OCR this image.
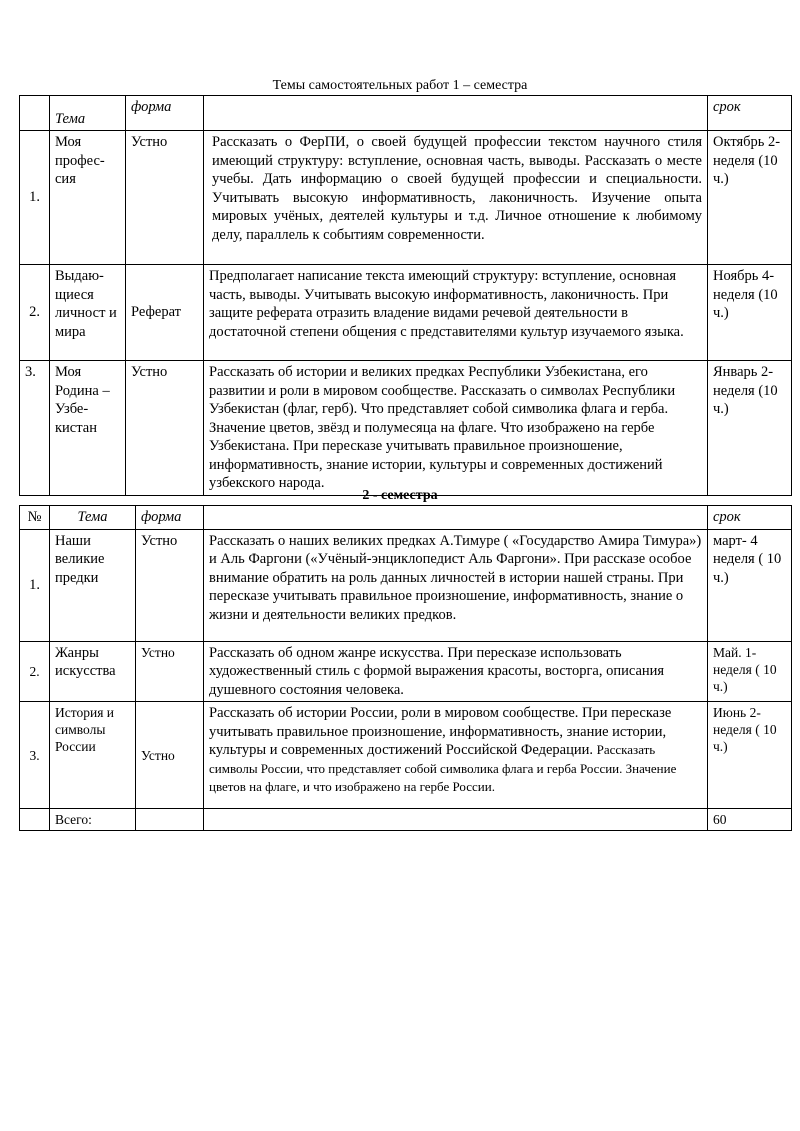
Темы самостоятельных работ 1 – семестра
	Тема	форма		срок
1.	Моя профес-сия	Устно	Рассказать о ФерПИ, о своей будущей профессии текстом научного стиля имеющий структуру: вступление, основная часть, выводы. Рассказать о месте учебы. Дать информацию о своей будущей профессии и специальности. Учитывать высокую информативность, лаконичность. Изучение опыта мировых учёных, деятелей культуры и т.д. Личное отношение к любимому делу, параллель к событиям современности.	Октябрь 2-неделя (10 ч.)
2.	Выдаю-щиеся личност и мира	Реферат	Предполагает написание текста имеющий структуру: вступление, основная часть, выводы. Учитывать высокую информативность, лаконичность. При защите реферата отразить владение видами речевой деятельности в достаточной степени общения с представителями культур изучаемого языка.	Ноябрь 4-неделя (10 ч.)
3.	Моя Родина – Узбе-кистан	Устно	Рассказать об истории и великих предках Республики Узбекистана, его развитии и роли в мировом сообществе. Рассказать о символах Республики Узбекистан (флаг, герб). Что представляет собой символика флага и герба. Значение цветов, звёзд и полумесяца на флаге. Что изображено на гербе Узбекистана. При пересказе учитывать правильное произношение, информативность, знание истории, культуры и современных достижений узбекского народа.	Январь 2-неделя (10 ч.)
2 - семестра
№	Тема	форма		срок
1.	Наши великие предки	Устно	Рассказать о наших великих предках А.Тимуре ( «Государство Амира Тимура») и Аль Фаргони («Учёный-энциклопедист Аль Фаргони». При рассказе особое внимание обратить на роль данных личностей в истории нашей страны. При пересказе учитывать правильное произношение, информативность, знание о жизни и деятельности великих предков.	март- 4 неделя ( 10 ч.)
2.	Жанры искусства	Устно	Рассказать об одном жанре искусства. При пересказе использовать художественный стиль с формой выражения красоты, восторга, описания душевного состояния человека.	Май. 1-неделя ( 10 ч.)
3.	История и символы России	Устно	Рассказать об истории России, роли в мировом сообществе. При пересказе учитывать правильное произношение, информативность, знание истории, культуры и современных достижений Российской Федерации. Рассказать символы России, что представляет собой символика флага и герба России. Значение цветов на флаге, и что изображено на гербе России.	Июнь 2-неделя ( 10 ч.)
	Всего:			60
